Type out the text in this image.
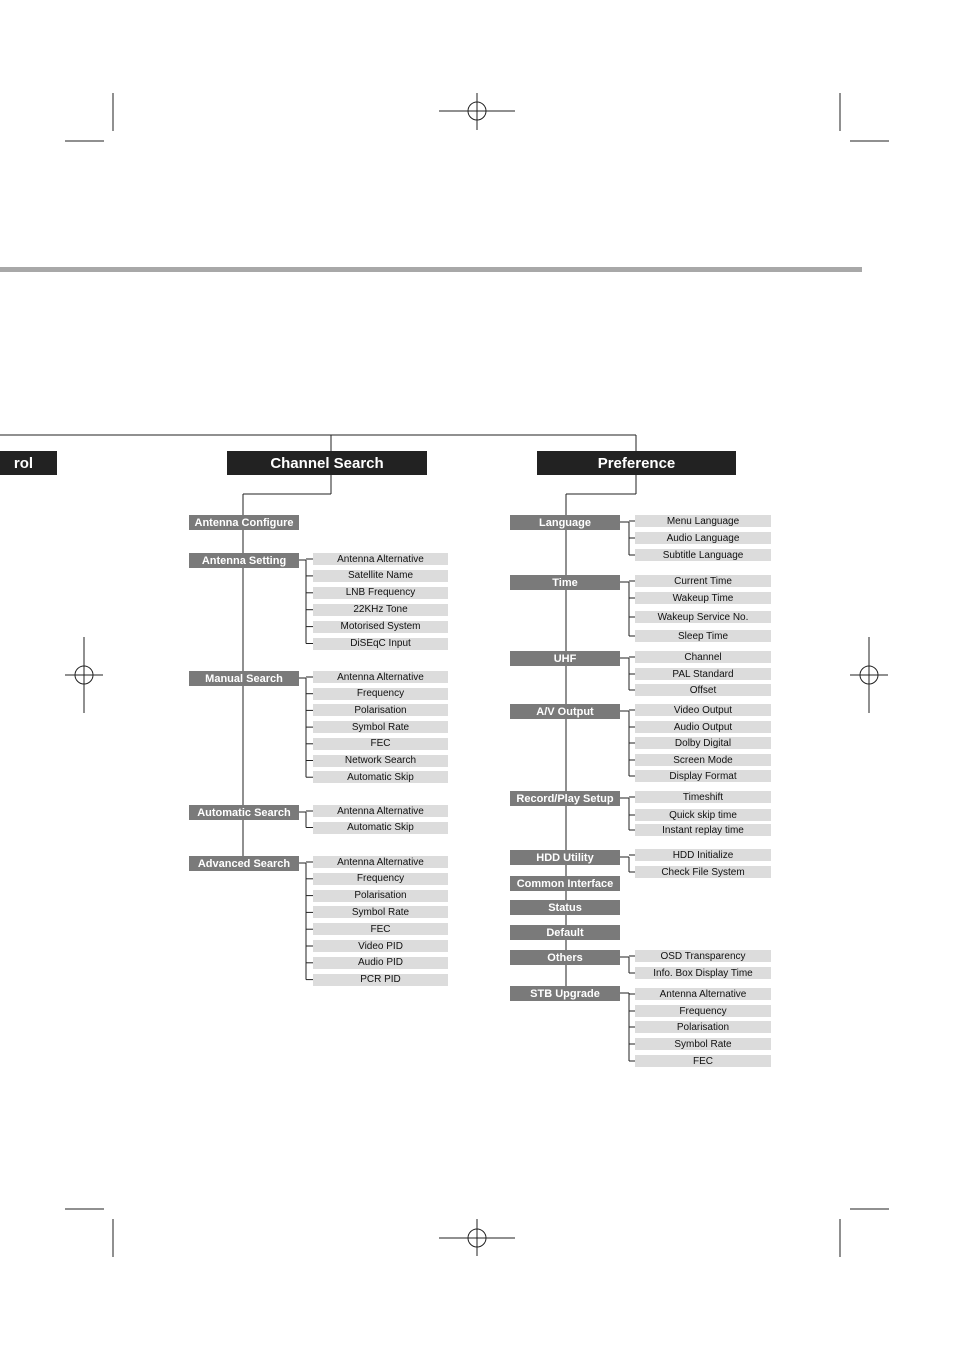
rol	Channel Search	Preference
Antenna Configure
Antenna Setting	Antenna Alternative
Satellite Name
LNB Frequency
22KHz Tone
Motorised System
DiSEqC Input
Manual Search	Antenna Alternative
Frequency
Polarisation
Symbol Rate
FEC
Network Search
Automatic Skip
Automatic Search	Antenna Alternative
Automatic Skip
Advanced Search	Antenna Alternative
Frequency
Polarisation
Symbol Rate
FEC
Video PID
Audio PID
PCR PID
Language	Menu Language
Audio Language
Subtitle Language
Time	Current Time
Wakeup Time
Wakeup Service No.
Sleep Time
UHF	Channel
PAL Standard
Offset
A/V Output	Video Output
Audio Output
Dolby Digital
Screen Mode
Display Format
Record/Play Setup	Timeshift
Quick skip time
Instant replay time
HDD Utility	HDD Initialize
Check File System
Common Interface
Status
Default
Others	OSD Transparency
Info. Box Display Time
STB Upgrade	Antenna Alternative
Frequency
Polarisation
Symbol Rate
FEC
